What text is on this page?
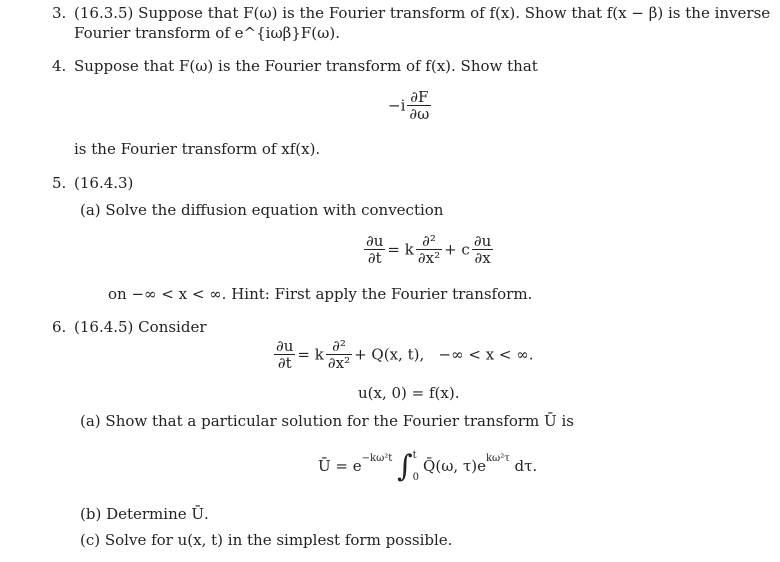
3. (16.3.5) Suppose that F(ω) is the Fourier transform of f(x). Show that f(x − β) is the inverse
Fourier transform of e^{iωβ}F(ω).
4. Suppose that F(ω) is the Fourier transform of f(x). Show that
$-i \frac{\partial F}{\partial\omega}$
is the Fourier transform of xf(x).
5. (16.4.3)
(a) Solve the diffusion equation with convection
$\frac{\partial u}{\partial t} = k \frac{\text{∂²}}{\text{∂x²}} + c \frac{\partial u}{\partial x}$
on −∞ < x < ∞. Hint: First apply the Fourier transform.
6. (16.4.5) Consider
$\frac{\partial u}{\partial t} = k \frac{\text{∂²}}{\text{∂x²}} + Q(x$, t),   −∞ < x < ∞.
u(x, 0) = f(x).
(a) Show that a particular solution for the Fourier transform Ū is
Ū = $e^{-k\omega^2t}$ ∫ t
0
Q̄(ω, $\tau)e^{k\omega^2\tau}$ dτ.
(b) Determine Ū.
(c) Solve for u(x, t) in the simplest form possible.
